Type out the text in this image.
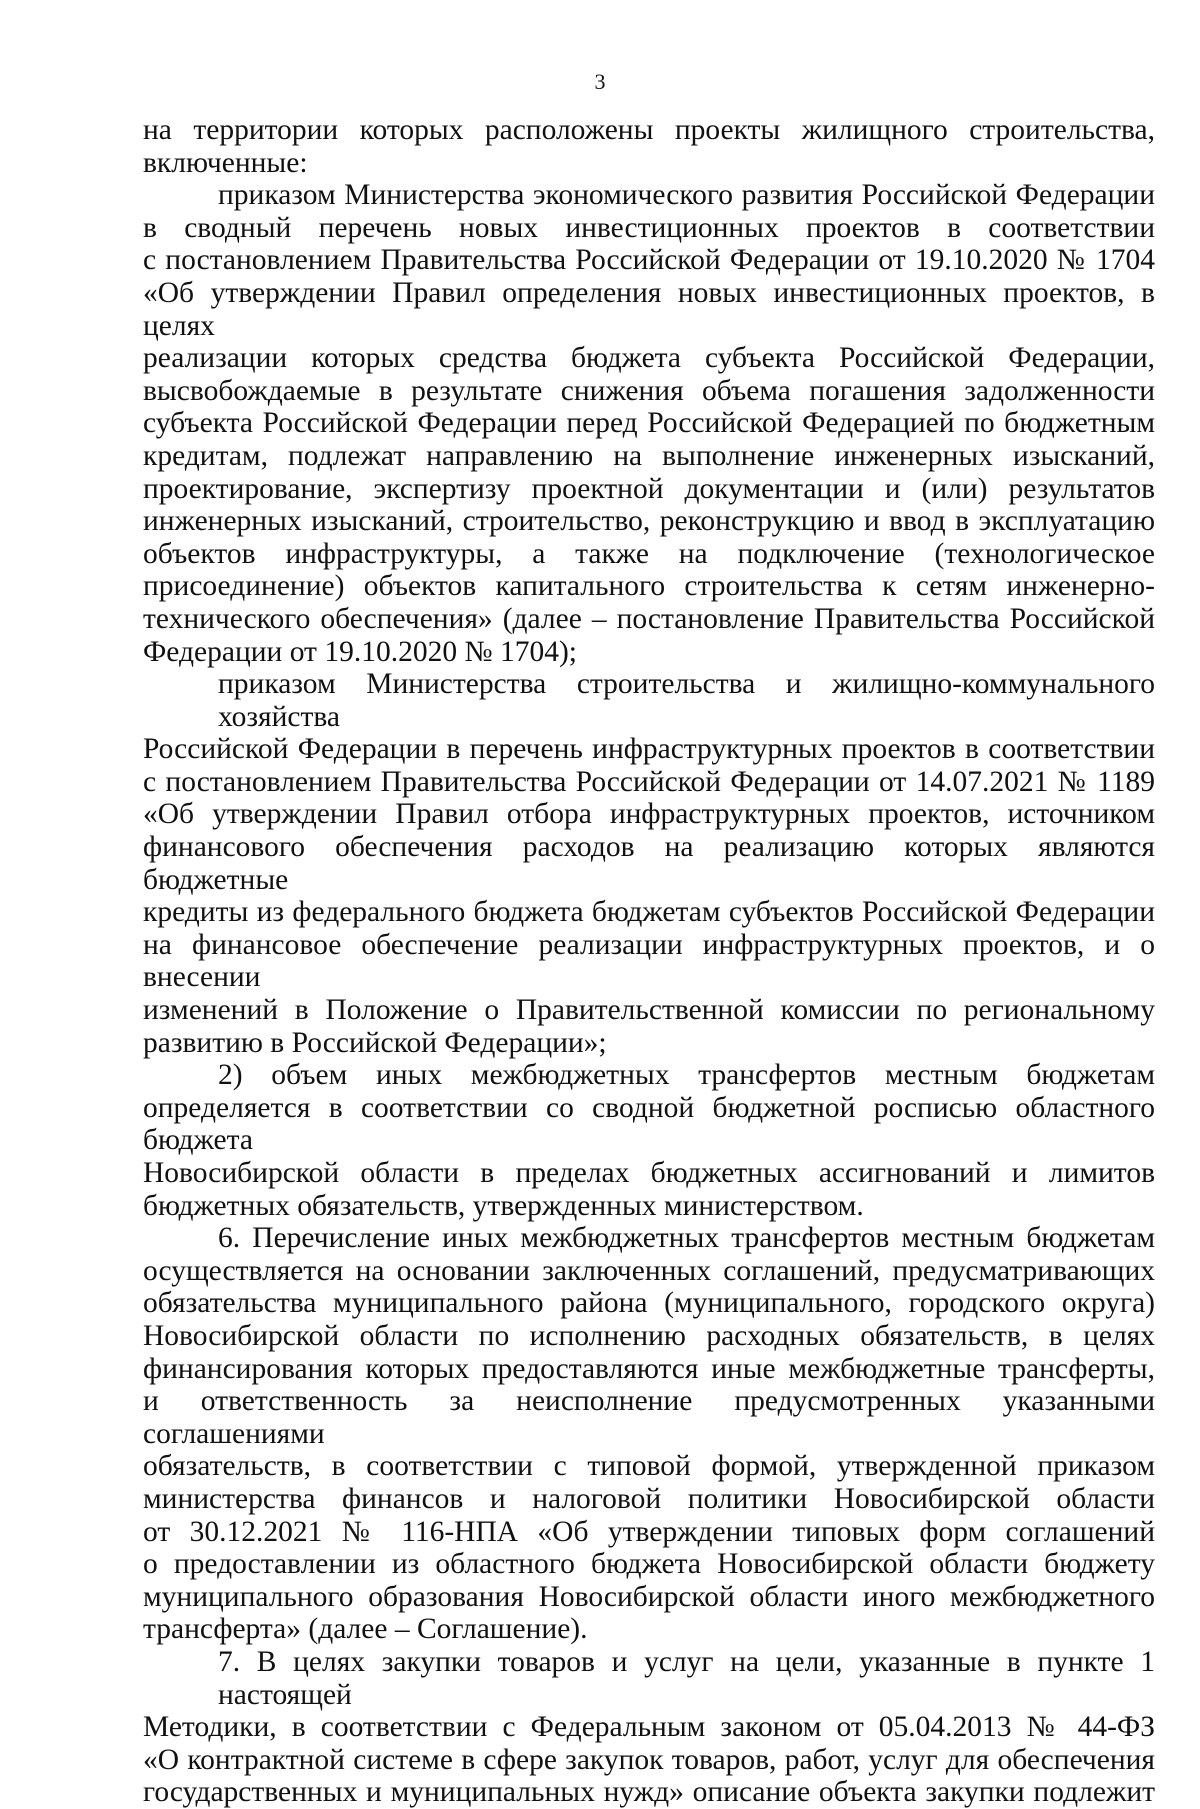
3
на территории которых расположены проекты жилищного строительства,
включенные:
приказом Министерства экономического развития Российской Федерации
в сводный перечень новых инвестиционных проектов в соответствии
с постановлением Правительства Российской Федерации от 19.10.2020 № 1704
«Об утверждении Правил определения новых инвестиционных проектов, в целях
реализации которых средства бюджета субъекта Российской Федерации,
высвобождаемые в результате снижения объема погашения задолженности
субъекта Российской Федерации перед Российской Федерацией по бюджетным
кредитам, подлежат направлению на выполнение инженерных изысканий,
проектирование, экспертизу проектной документации и (или) результатов
инженерных изысканий, строительство, реконструкцию и ввод в эксплуатацию
объектов инфраструктуры, а также на подключение (технологическое
присоединение) объектов капитального строительства к сетям инженерно-
технического обеспечения» (далее – постановление Правительства Российской
Федерации от 19.10.2020 № 1704);
приказом Министерства строительства и жилищно-коммунального хозяйства
Российской Федерации в перечень инфраструктурных проектов в соответствии
с постановлением Правительства Российской Федерации от 14.07.2021 № 1189
«Об утверждении Правил отбора инфраструктурных проектов, источником
финансового обеспечения расходов на реализацию которых являются бюджетные
кредиты из федерального бюджета бюджетам субъектов Российской Федерации
на финансовое обеспечение реализации инфраструктурных проектов, и о внесении
изменений в Положение о Правительственной комиссии по региональному
развитию в Российской Федерации»;
2) объем иных межбюджетных трансфертов местным бюджетам
определяется в соответствии со сводной бюджетной росписью областного бюджета
Новосибирской области в пределах бюджетных ассигнований и лимитов
бюджетных обязательств, утвержденных министерством.
6. Перечисление иных межбюджетных трансфертов местным бюджетам
осуществляется на основании заключенных соглашений, предусматривающих
обязательства муниципального района (муниципального, городского округа)
Новосибирской области по исполнению расходных обязательств, в целях
финансирования которых предоставляются иные межбюджетные трансферты,
и ответственность за неисполнение предусмотренных указанными соглашениями
обязательств, в соответствии с типовой формой, утвержденной приказом
министерства финансов и налоговой политики Новосибирской области
от 30.12.2021 № 116-НПА «Об утверждении типовых форм соглашений
о предоставлении из областного бюджета Новосибирской области бюджету
муниципального образования Новосибирской области иного межбюджетного
трансферта» (далее – Соглашение).
7. В целях закупки товаров и услуг на цели, указанные в пункте 1 настоящей
Методики, в соответствии с Федеральным законом от 05.04.2013 № 44-ФЗ
«О контрактной системе в сфере закупок товаров, работ, услуг для обеспечения
государственных и муниципальных нужд» описание объекта закупки подлежит
